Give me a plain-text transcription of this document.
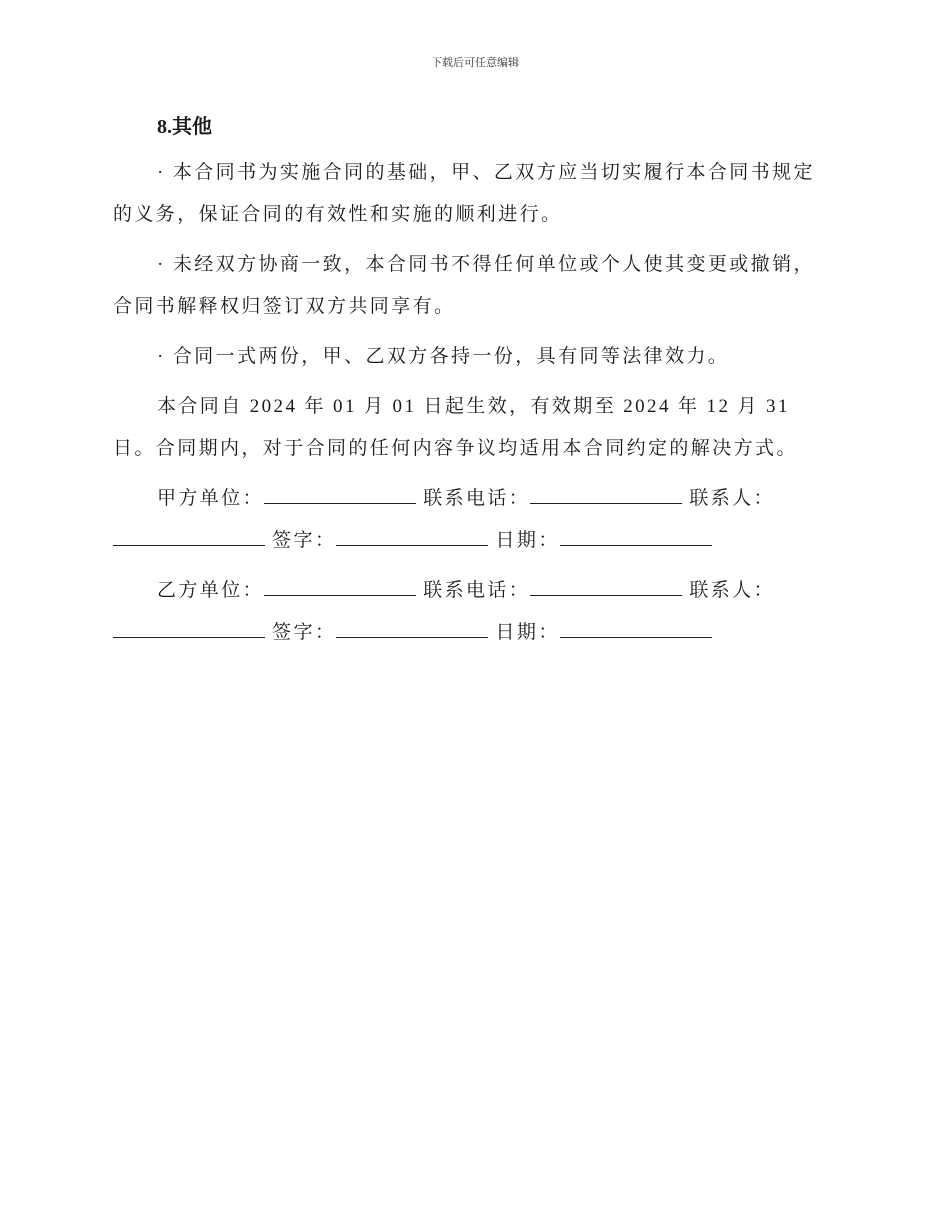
下载后可任意编辑
8.其他

· 本合同书为实施合同的基础，甲、乙双方应当切实履行本合同书规定的义务，保证合同的有效性和实施的顺利进行。

· 未经双方协商一致，本合同书不得任何单位或个人使其变更或撤销，合同书解释权归签订双方共同享有。

· 合同一式两份，甲、乙双方各持一份，具有同等法律效力。

本合同自 2024 年 01 月 01 日起生效，有效期至 2024 年 12 月 31 日。合同期内，对于合同的任何内容争议均适用本合同约定的解决方式。

甲方单位：	联系电话：	联系人： 签字：	日期：

乙方单位：	联系电话：	联系人： 签字：	日期：
